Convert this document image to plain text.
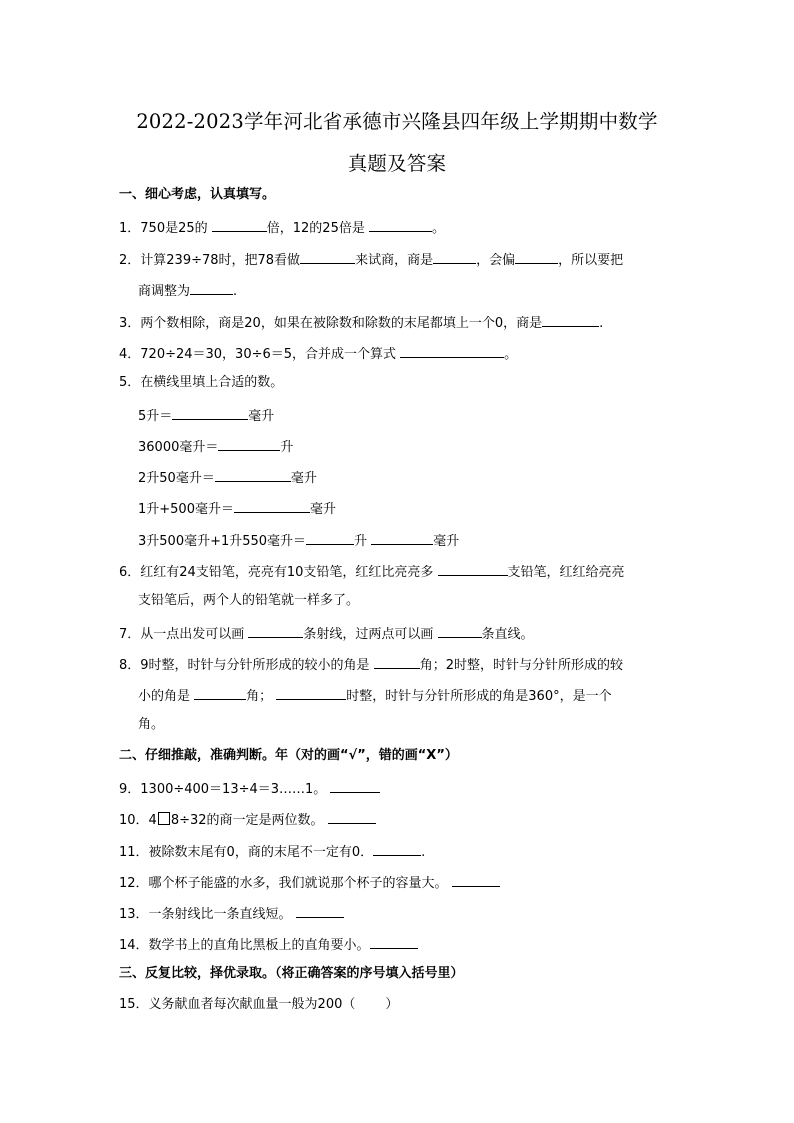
2022-2023学年河北省承德市兴隆县四年级上学期期中数学
真题及答案
一、细心考虑，认真填写。
1．750是25的	倍，12的25倍是	。
2．计算239÷78时，把78看做	来试商，商是	，会偏	，所以要把
商调整为	.
3．两个数相除，商是20，如果在被除数和除数的末尾都填上一个0，商是	.
4．720÷24＝30，30÷6＝5，合并成一个算式	。
5．在横线里填上合适的数。
5升＝	毫升
36000毫升＝	升
2升50毫升＝	毫升
1升+500毫升＝	毫升
3升500毫升+1升550毫升＝	升	毫升
6．红红有24支铅笔，亮亮有10支铅笔，红红比亮亮多	支铅笔，红红给亮亮
支铅笔后，两个人的铅笔就一样多了。
7．从一点出发可以画	条射线，过两点可以画	条直线。
8．9时整，时针与分针所形成的较小的角是	角；2时整，时针与分针所形成的较
小的角是	角；	时整，时针与分针所形成的角是360°，是一个
角。
二、仔细推敲，准确判断。年（对的画“√”，错的画“X”）
9．1300÷400＝13÷4＝3……1。
10．4 8÷32的商一定是两位数。
11．被除数末尾有0，商的末尾不一定有0．	.
12．哪个杯子能盛的水多，我们就说那个杯子的容量大。
13．一条射线比一条直线短。
14．数学书上的直角比黑板上的直角要小。
三、反复比较，择优录取。（将正确答案的序号填入括号里）
15．义务献血者每次献血量一般为200（ ）
